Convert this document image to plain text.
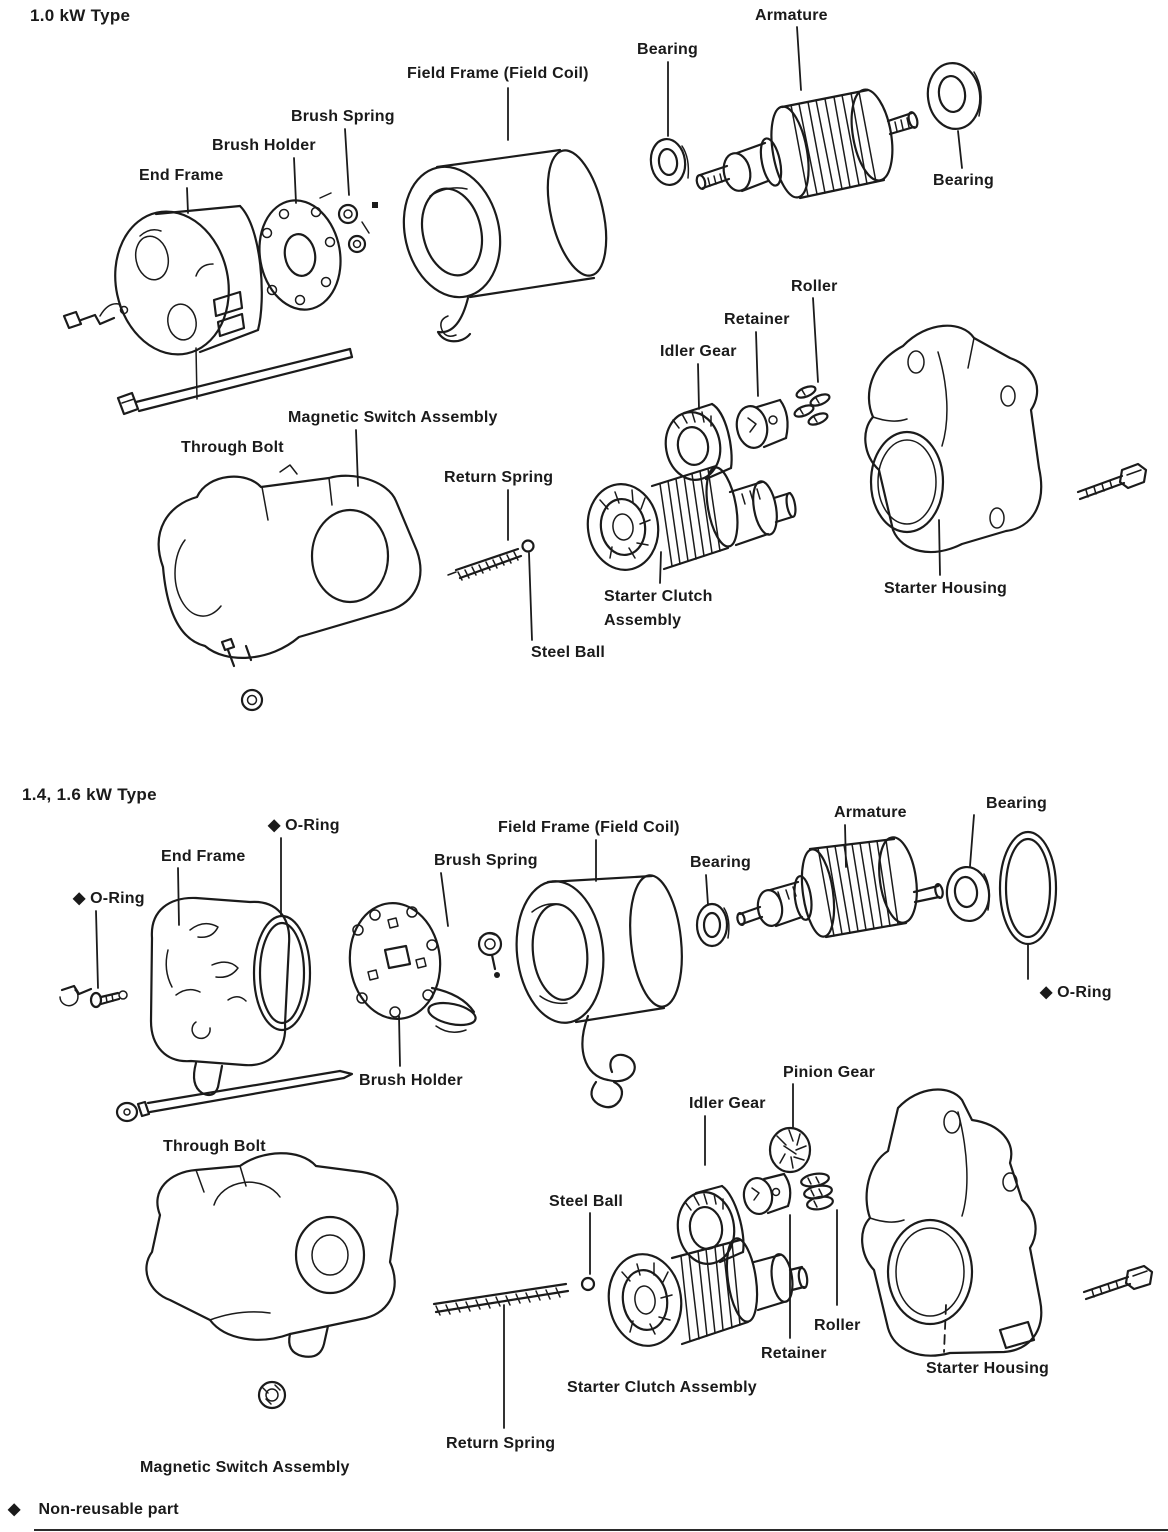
1.0 kW Type
Field Frame (Field Coil)
Bearing
Armature
Bearing
Brush Spring
Brush Holder
End Frame
Roller
Retainer
Idler Gear
Magnetic Switch Assembly
Through Bolt
Return Spring
Starter Clutch Assembly
Steel Ball
Starter Housing
1.4, 1.6 kW Type
◆ O-Ring
End Frame
Field Frame (Field Coil)
Brush Spring	Bearing
Armature
Bearing
◆ O-Ring
◆ O-Ring
Brush Holder
Through Bolt
Pinion Gear
Idler Gear
Steel Ball
Roller
Retainer
Starter Clutch Assembly
Starter Housing
Return Spring
Magnetic Switch Assembly
◆ Non-reusable part
